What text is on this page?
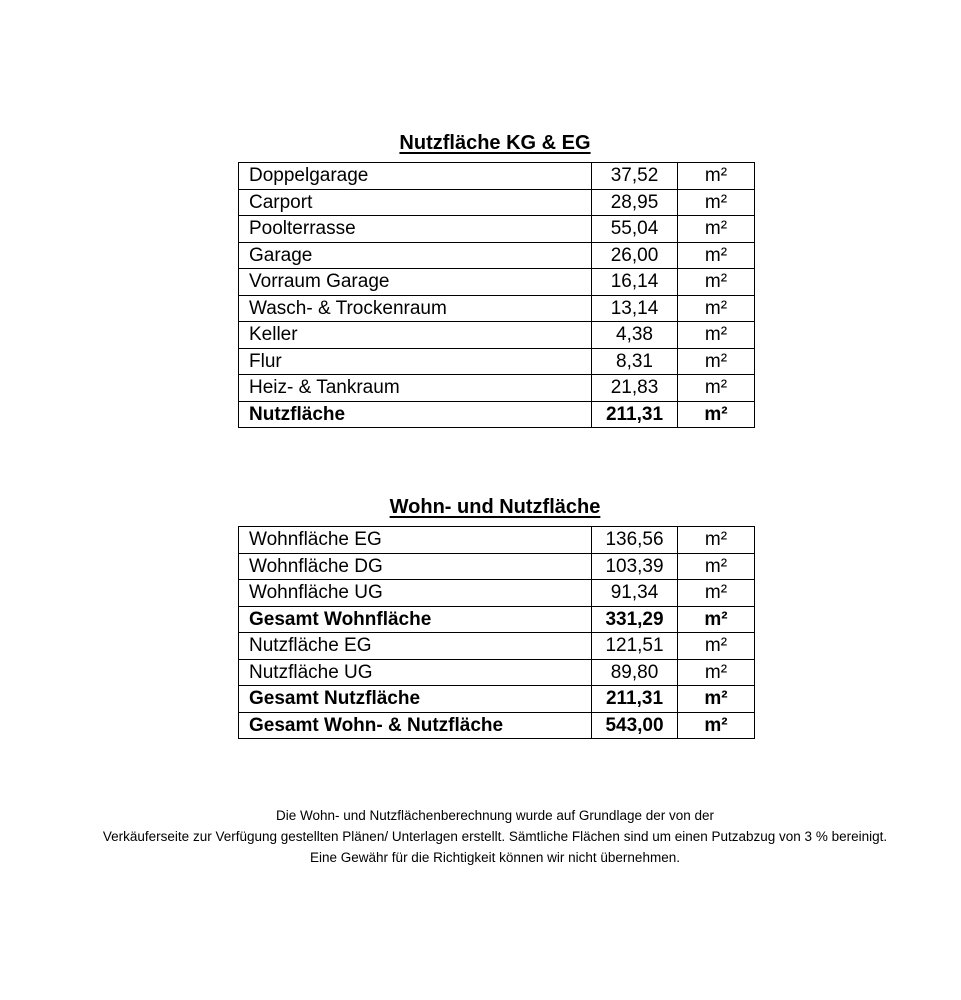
Nutzfläche KG & EG
Doppelgarage	37,52	m²
Carport	28,95	m²
Poolterrasse	55,04	m²
Garage	26,00	m²
Vorraum Garage	16,14	m²
Wasch- & Trockenraum	13,14	m²
Keller	4,38	m²
Flur	8,31	m²
Heiz- & Tankraum	21,83	m²
Nutzfläche	211,31	m²
Wohn- und Nutzfläche
Wohnfläche EG	136,56	m²
Wohnfläche DG	103,39	m²
Wohnfläche UG	91,34	m²
Gesamt Wohnfläche	331,29	m²
Nutzfläche EG	121,51	m²
Nutzfläche UG	89,80	m²
Gesamt Nutzfläche	211,31	m²
Gesamt Wohn- & Nutzfläche	543,00	m²
Die Wohn- und Nutzflächenberechnung wurde auf Grundlage der von der
Verkäuferseite zur Verfügung gestellten Plänen/ Unterlagen erstellt. Sämtliche Flächen sind um einen Putzabzug von 3 % bereinigt.
Eine Gewähr für die Richtigkeit können wir nicht übernehmen.
